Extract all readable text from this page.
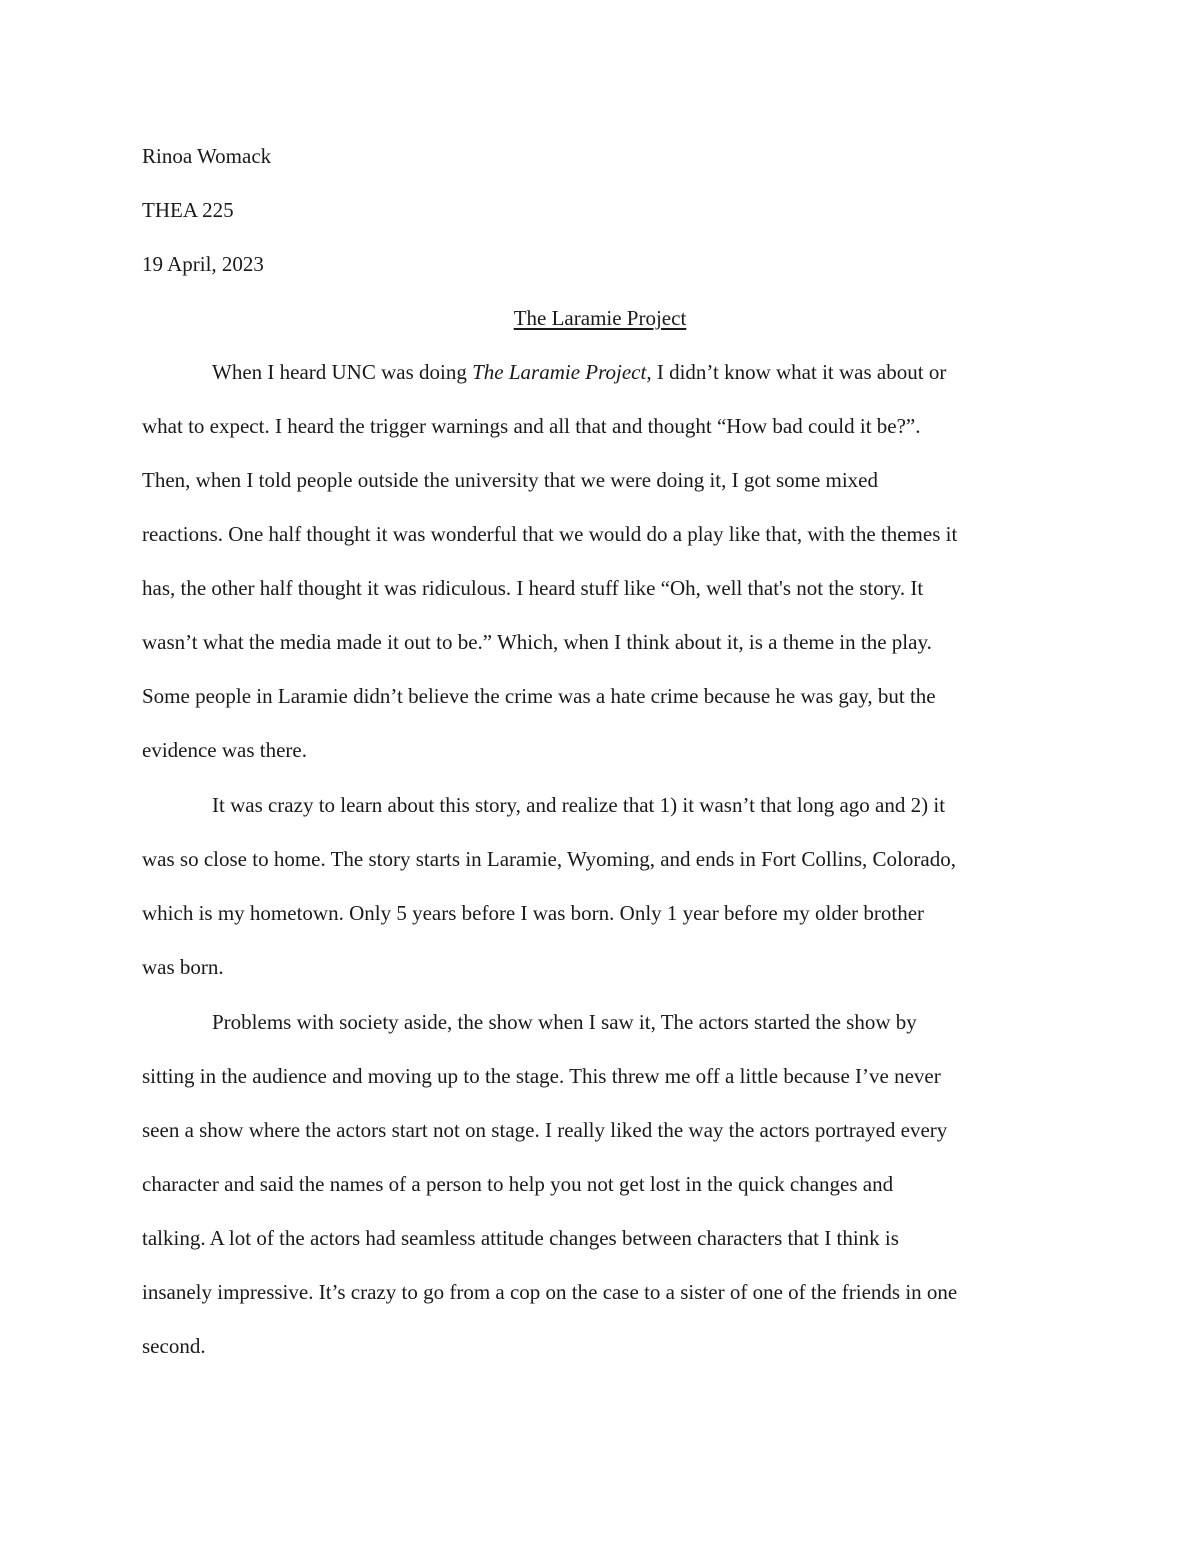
Rinoa Womack
THEA 225
19 April, 2023
The Laramie Project
When I heard UNC was doing The Laramie Project, I didn’t know what it was about or
what to expect. I heard the trigger warnings and all that and thought “How bad could it be?”.
Then, when I told people outside the university that we were doing it, I got some mixed
reactions. One half thought it was wonderful that we would do a play like that, with the themes it
has, the other half thought it was ridiculous. I heard stuff like “Oh, well that's not the story. It
wasn’t what the media made it out to be.” Which, when I think about it, is a theme in the play.
Some people in Laramie didn’t believe the crime was a hate crime because he was gay, but the
evidence was there.
It was crazy to learn about this story, and realize that 1) it wasn’t that long ago and 2) it
was so close to home. The story starts in Laramie, Wyoming, and ends in Fort Collins, Colorado,
which is my hometown. Only 5 years before I was born. Only 1 year before my older brother
was born.
Problems with society aside, the show when I saw it, The actors started the show by
sitting in the audience and moving up to the stage. This threw me off a little because I’ve never
seen a show where the actors start not on stage. I really liked the way the actors portrayed every
character and said the names of a person to help you not get lost in the quick changes and
talking. A lot of the actors had seamless attitude changes between characters that I think is
insanely impressive. It’s crazy to go from a cop on the case to a sister of one of the friends in one
second.
